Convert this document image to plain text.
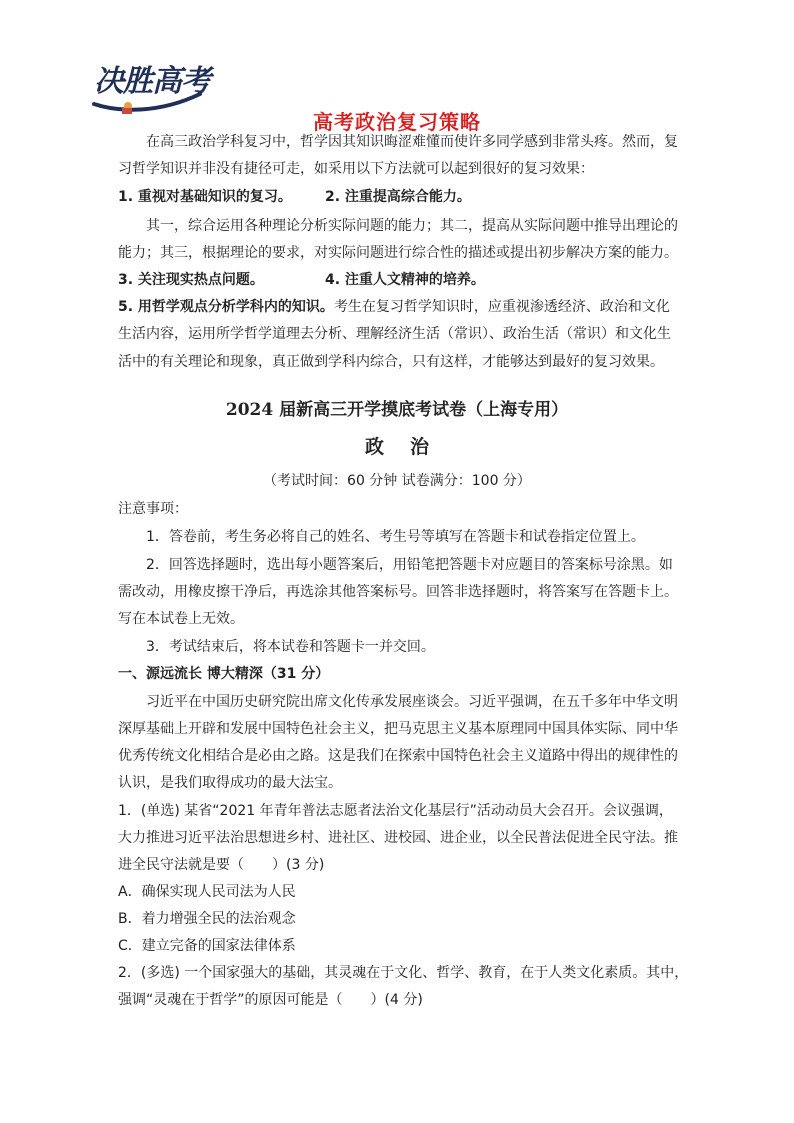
决胜高考
高考政治复习策略
在高三政治学科复习中，哲学因其知识晦涩难懂而使许多同学感到非常头疼。然而，复
习哲学知识并非没有捷径可走，如采用以下方法就可以起到很好的复习效果：
1. 重视对基础知识的复习。 2. 注重提高综合能力。
其一，综合运用各种理论分析实际问题的能力；其二，提高从实际问题中推导出理论的
能力；其三，根据理论的要求，对实际问题进行综合性的描述或提出初步解决方案的能力。
3. 关注现实热点问题。	4. 注重人文精神的培养。
5. 用哲学观点分析学科内的知识。考生在复习哲学知识时，应重视渗透经济、政治和文化
生活内容，运用所学哲学道理去分析、理解经济生活（常识）、政治生活（常识）和文化生
活中的有关理论和现象，真正做到学科内综合，只有这样，才能够达到最好的复习效果。
2024 届新高三开学摸底考试卷（上海专用）
政治
（考试时间：60 分钟 试卷满分：100 分）
注意事项：
1．答卷前，考生务必将自己的姓名、考生号等填写在答题卡和试卷指定位置上。
2．回答选择题时，选出每小题答案后，用铅笔把答题卡对应题目的答案标号涂黑。如
需改动，用橡皮擦干净后，再选涂其他答案标号。回答非选择题时，将答案写在答题卡上。
写在本试卷上无效。
3．考试结束后，将本试卷和答题卡一并交回。
一、源远流长 博大精深（31 分）
习近平在中国历史研究院出席文化传承发展座谈会。习近平强调，在五千多年中华文明
深厚基础上开辟和发展中国特色社会主义，把马克思主义基本原理同中国具体实际、同中华
优秀传统文化相结合是必由之路。这是我们在探索中国特色社会主义道路中得出的规律性的
认识，是我们取得成功的最大法宝。
1．(单选) 某省“2021 年青年普法志愿者法治文化基层行”活动动员大会召开。会议强调，
大力推进习近平法治思想进乡村、进社区、进校园、进企业，以全民普法促进全民守法。推
进全民守法就是要（　　）(3 分)
A．确保实现人民司法为人民
B．着力增强全民的法治观念
C．建立完备的国家法律体系
2．(多选) 一个国家强大的基础，其灵魂在于文化、哲学、教育，在于人类文化素质。其中，
强调“灵魂在于哲学”的原因可能是（　　）(4 分)
